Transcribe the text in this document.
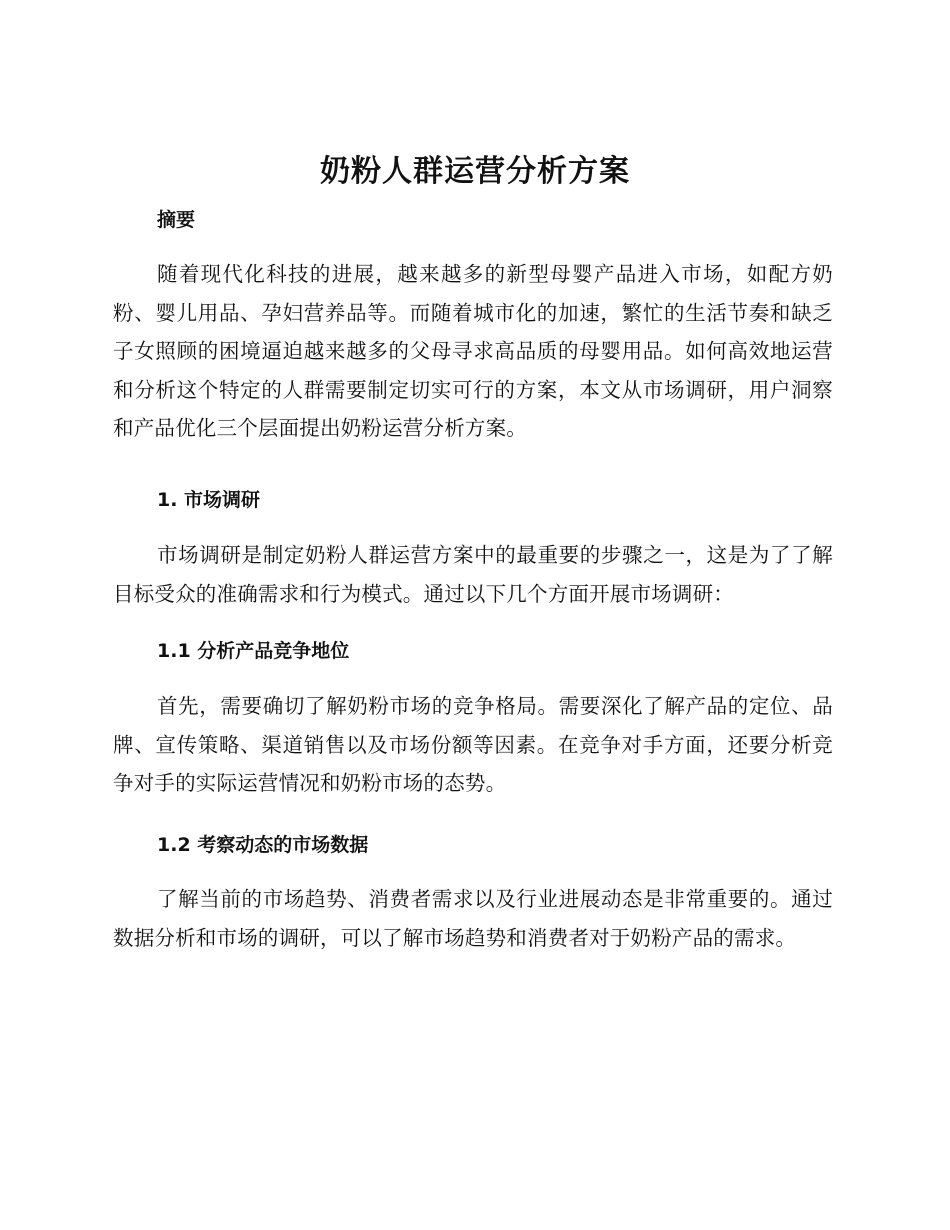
奶粉人群运营分析方案
摘要

随着现代化科技的进展，越来越多的新型母婴产品进入市场，如配方奶粉、婴儿用品、孕妇营养品等。而随着城市化的加速，繁忙的生活节奏和缺乏子女照顾的困境逼迫越来越多的父母寻求高品质的母婴用品。如何高效地运营和分析这个特定的人群需要制定切实可行的方案，本文从市场调研，用户洞察和产品优化三个层面提出奶粉运营分析方案。

1. 市场调研

市场调研是制定奶粉人群运营方案中的最重要的步骤之一，这是为了了解目标受众的准确需求和行为模式。通过以下几个方面开展市场调研：

1.1 分析产品竞争地位

首先，需要确切了解奶粉市场的竞争格局。需要深化了解产品的定位、品牌、宣传策略、渠道销售以及市场份额等因素。在竞争对手方面，还要分析竞争对手的实际运营情况和奶粉市场的态势。

1.2 考察动态的市场数据

了解当前的市场趋势、消费者需求以及行业进展动态是非常重要的。通过数据分析和市场的调研，可以了解市场趋势和消费者对于奶粉产品的需求。
